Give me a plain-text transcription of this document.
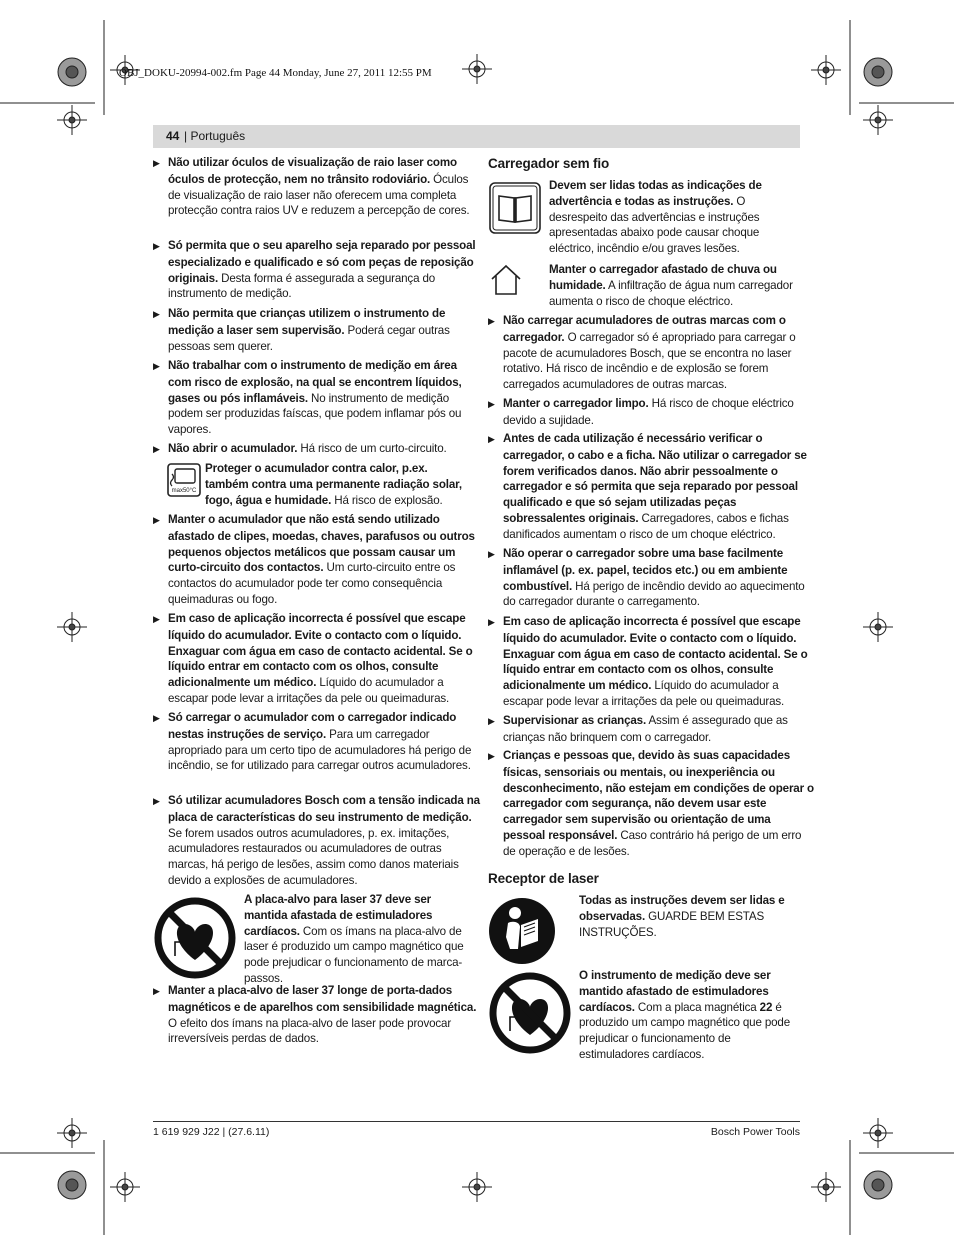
OBJ_DOKU-20994-002.fm Page 44 Monday, June 27, 2011 12:55 PM
44 | Português

▶ Não utilizar óculos de visualização de raio laser como óculos de protecção, nem no trânsito rodoviário. Óculos de visualização de raio laser não oferecem uma completa protecção contra raios UV e reduzem a percepção de cores.

▶ Só permita que o seu aparelho seja reparado por pessoal especializado e qualificado e só com peças de reposição originais. Desta forma é assegurada a segurança do instrumento de medição.

▶ Não permita que crianças utilizem o instrumento de medição a laser sem supervisão. Poderá cegar outras pessoas sem querer.

▶ Não trabalhar com o instrumento de medição em área com risco de explosão, na qual se encontrem líquidos, gases ou pós inflamáveis. No instrumento de medição podem ser produzidas faíscas, que podem inflamar pós ou vapores.

▶ Não abrir o acumulador. Há risco de um curto-circuito.

Proteger o acumulador contra calor, p.ex. também contra uma permanente radiação solar, fogo, água e humidade. Há risco de explosão.

▶ Manter o acumulador que não está sendo utilizado afastado de clipes, moedas, chaves, parafusos ou outros pequenos objectos metálicos que possam causar um curto-circuito dos contactos. Um curto-circuito entre os contactos do acumulador pode ter como consequência queimaduras ou fogo.

▶ Em caso de aplicação incorrecta é possível que escape líquido do acumulador. Evite o contacto com o líquido. Enxaguar com água em caso de contacto acidental. Se o líquido entrar em contacto com os olhos, consulte adicionalmente um médico. Líquido do acumulador a escapar pode levar a irritações da pele ou queimaduras.

▶ Só carregar o acumulador com o carregador indicado nestas instruções de serviço. Para um carregador apropriado para um certo tipo de acumuladores há perigo de incêndio, se for utilizado para carregar outros acumuladores.

▶ Só utilizar acumuladores Bosch com a tensão indicada na placa de características do seu instrumento de medição. Se forem usados outros acumuladores, p. ex. imitações, acumuladores restaurados ou acumuladores de outras marcas, há perigo de lesões, assim como danos materiais devido a explosões de acumuladores.

A placa-alvo para laser 37 deve ser mantida afastada de estimuladores cardíacos. Com os ímans na placa-alvo de laser é produzido um campo magnético que pode prejudicar o funcionamento de marca-passos.

▶ Manter a placa-alvo de laser 37 longe de porta-dados magnéticos e de aparelhos com sensibilidade magnética. O efeito dos ímans na placa-alvo de laser pode provocar irreversíveis perdas de dados.

max50°C
Carregador sem fio

Devem ser lidas todas as indicações de advertência e todas as instruções. O desrespeito das advertências e instruções apresentadas abaixo pode causar choque eléctrico, incêndio e/ou graves lesões.

Manter o carregador afastado de chuva ou humidade. A infiltração de água num carregador aumenta o risco de choque eléctrico.

▶ Não carregar acumuladores de outras marcas com o carregador. O carregador só é apropriado para carregar o pacote de acumuladores Bosch, que se encontra no laser rotativo. Há risco de incêndio e de explosão se forem carregados acumuladores de outras marcas.

▶ Manter o carregador limpo. Há risco de choque eléctrico devido a sujidade.

▶ Antes de cada utilização é necessário verificar o carregador, o cabo e a ficha. Não utilizar o carregador se forem verificados danos. Não abrir pessoalmente o carregador e só permita que seja reparado por pessoal qualificado e que só sejam utilizadas peças sobressalentes originais. Carregadores, cabos e fichas danificados aumentam o risco de um choque eléctrico.

▶ Não operar o carregador sobre uma base facilmente inflamável (p. ex. papel, tecidos etc.) ou em ambiente combustível. Há perigo de incêndio devido ao aquecimento do carregador durante o carregamento.

▶ Em caso de aplicação incorrecta é possível que escape líquido do acumulador. Evite o contacto com o líquido. Enxaguar com água em caso de contacto acidental. Se o líquido entrar em contacto com os olhos, consulte adicionalmente um médico. Líquido do acumulador a escapar pode levar a irritações da pele ou queimaduras.

▶ Supervisionar as crianças. Assim é assegurado que as crianças não brinquem com o carregador.

▶ Crianças e pessoas que, devido às suas capacidades físicas, sensoriais ou mentais, ou inexperiência ou desconhecimento, não estejam em condições de operar o carregador com segurança, não devem usar este carregador sem supervisão ou orientação de uma pessoal responsável. Caso contrário há perigo de um erro de operação e de lesões.

Receptor de laser

Todas as instruções devem ser lidas e observadas. GUARDE BEM ESTAS INSTRUÇÕES.

O instrumento de medição deve ser mantido afastado de estimuladores cardíacos. Com a placa magnética 22 é produzido um campo magnético que pode prejudicar o funcionamento de estimuladores cardíacos.

1 619 929 J22 | (27.6.11)	Bosch Power Tools
